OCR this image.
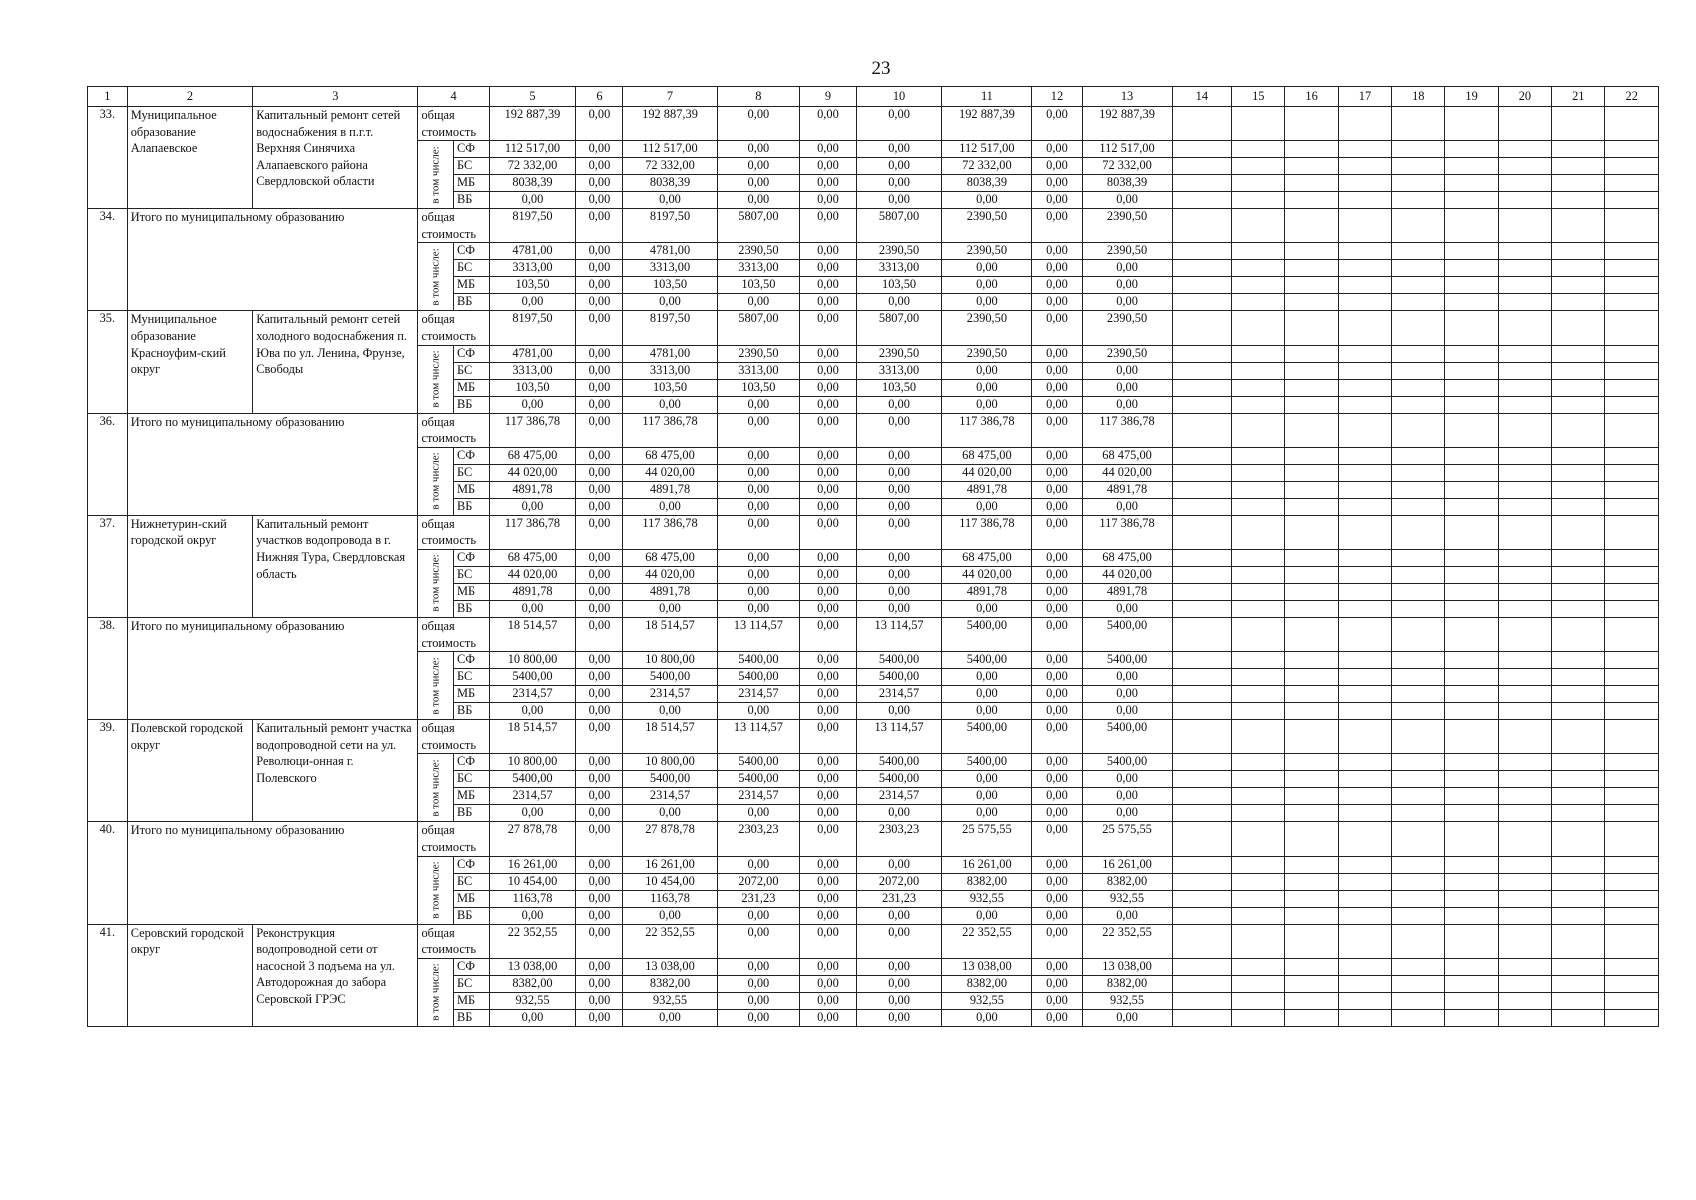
23
1	2	3	4		5	6	7	8	9	10	11	12	13	14	15	16	17	18	19	20	21	22
33.	Муниципальное образование Алапаевское	Капитальный ремонт сетей водоснабжения в п.г.т. Верхняя Синячиха Алапаевского района Свердловской области	общая стоимость		192 887,39	0,00	192 887,39	0,00	0,00	0,00	192 887,39	0,00	192 887,39									

			в том числе:	СФ	112 517,00	0,00	112 517,00	0,00	0,00	0,00	112 517,00	0,00	112 517,00									
				БС	72 332,00	0,00	72 332,00	0,00	0,00	0,00	72 332,00	0,00	72 332,00									
				МБ	8038,39	0,00	8038,39	0,00	0,00	0,00	8038,39	0,00	8038,39									
				ВБ	0,00	0,00	0,00	0,00	0,00	0,00	0,00	0,00	0,00									
34.	Итого по муниципальному образованию		общая стоимость		8197,50	0,00	8197,50	5807,00	0,00	5807,00	2390,50	0,00	2390,50									

			в том числе:	СФ	4781,00	0,00	4781,00	2390,50	0,00	2390,50	2390,50	0,00	2390,50									
				БС	3313,00	0,00	3313,00	3313,00	0,00	3313,00	0,00	0,00	0,00									
				МБ	103,50	0,00	103,50	103,50	0,00	103,50	0,00	0,00	0,00									
				ВБ	0,00	0,00	0,00	0,00	0,00	0,00	0,00	0,00	0,00									
35.	Муниципальное образование Красноуфим-ский округ	Капитальный ремонт сетей холодного водоснабжения п. Юва по ул. Ленина, Фрунзе, Свободы	общая стоимость		8197,50	0,00	8197,50	5807,00	0,00	5807,00	2390,50	0,00	2390,50									

			в том числе:	СФ	4781,00	0,00	4781,00	2390,50	0,00	2390,50	2390,50	0,00	2390,50									
				БС	3313,00	0,00	3313,00	3313,00	0,00	3313,00	0,00	0,00	0,00									
				МБ	103,50	0,00	103,50	103,50	0,00	103,50	0,00	0,00	0,00									
				ВБ	0,00	0,00	0,00	0,00	0,00	0,00	0,00	0,00	0,00									
36.	Итого по муниципальному образованию		общая стоимость		117 386,78	0,00	117 386,78	0,00	0,00	0,00	117 386,78	0,00	117 386,78									

			в том числе:	СФ	68 475,00	0,00	68 475,00	0,00	0,00	0,00	68 475,00	0,00	68 475,00									
				БС	44 020,00	0,00	44 020,00	0,00	0,00	0,00	44 020,00	0,00	44 020,00									
				МБ	4891,78	0,00	4891,78	0,00	0,00	0,00	4891,78	0,00	4891,78									
				ВБ	0,00	0,00	0,00	0,00	0,00	0,00	0,00	0,00	0,00									
37.	Нижнетурин-ский городской округ	Капитальный ремонт участков водопровода в г. Нижняя Тура, Свердловская область	общая стоимость		117 386,78	0,00	117 386,78	0,00	0,00	0,00	117 386,78	0,00	117 386,78									

			в том числе:	СФ	68 475,00	0,00	68 475,00	0,00	0,00	0,00	68 475,00	0,00	68 475,00									
				БС	44 020,00	0,00	44 020,00	0,00	0,00	0,00	44 020,00	0,00	44 020,00									
				МБ	4891,78	0,00	4891,78	0,00	0,00	0,00	4891,78	0,00	4891,78									
				ВБ	0,00	0,00	0,00	0,00	0,00	0,00	0,00	0,00	0,00									
38.	Итого по муниципальному образованию		общая стоимость		18 514,57	0,00	18 514,57	13 114,57	0,00	13 114,57	5400,00	0,00	5400,00									

			в том числе:	СФ	10 800,00	0,00	10 800,00	5400,00	0,00	5400,00	5400,00	0,00	5400,00									
				БС	5400,00	0,00	5400,00	5400,00	0,00	5400,00	0,00	0,00	0,00									
				МБ	2314,57	0,00	2314,57	2314,57	0,00	2314,57	0,00	0,00	0,00									
				ВБ	0,00	0,00	0,00	0,00	0,00	0,00	0,00	0,00	0,00									
39.	Полевской городской округ	Капитальный ремонт участка водопроводной сети на ул. Революци-онная г. Полевского	общая стоимость		18 514,57	0,00	18 514,57	13 114,57	0,00	13 114,57	5400,00	0,00	5400,00									

			в том числе:	СФ	10 800,00	0,00	10 800,00	5400,00	0,00	5400,00	5400,00	0,00	5400,00									
				БС	5400,00	0,00	5400,00	5400,00	0,00	5400,00	0,00	0,00	0,00									
				МБ	2314,57	0,00	2314,57	2314,57	0,00	2314,57	0,00	0,00	0,00									
				ВБ	0,00	0,00	0,00	0,00	0,00	0,00	0,00	0,00	0,00									
40.	Итого по муниципальному образованию		общая стоимость		27 878,78	0,00	27 878,78	2303,23	0,00	2303,23	25 575,55	0,00	25 575,55									

			в том числе:	СФ	16 261,00	0,00	16 261,00	0,00	0,00	0,00	16 261,00	0,00	16 261,00									
				БС	10 454,00	0,00	10 454,00	2072,00	0,00	2072,00	8382,00	0,00	8382,00									
				МБ	1163,78	0,00	1163,78	231,23	0,00	231,23	932,55	0,00	932,55									
				ВБ	0,00	0,00	0,00	0,00	0,00	0,00	0,00	0,00	0,00									
41.	Серовский городской округ	Реконструкция водопроводной сети от насосной 3 подъема на ул. Автодорожная до забора Серовской ГРЭС	общая стоимость		22 352,55	0,00	22 352,55	0,00	0,00	0,00	22 352,55	0,00	22 352,55									

			в том числе:	СФ	13 038,00	0,00	13 038,00	0,00	0,00	0,00	13 038,00	0,00	13 038,00									
				БС	8382,00	0,00	8382,00	0,00	0,00	0,00	8382,00	0,00	8382,00									
				МБ	932,55	0,00	932,55	0,00	0,00	0,00	932,55	0,00	932,55									
				ВБ	0,00	0,00	0,00	0,00	0,00	0,00	0,00	0,00	0,00									
